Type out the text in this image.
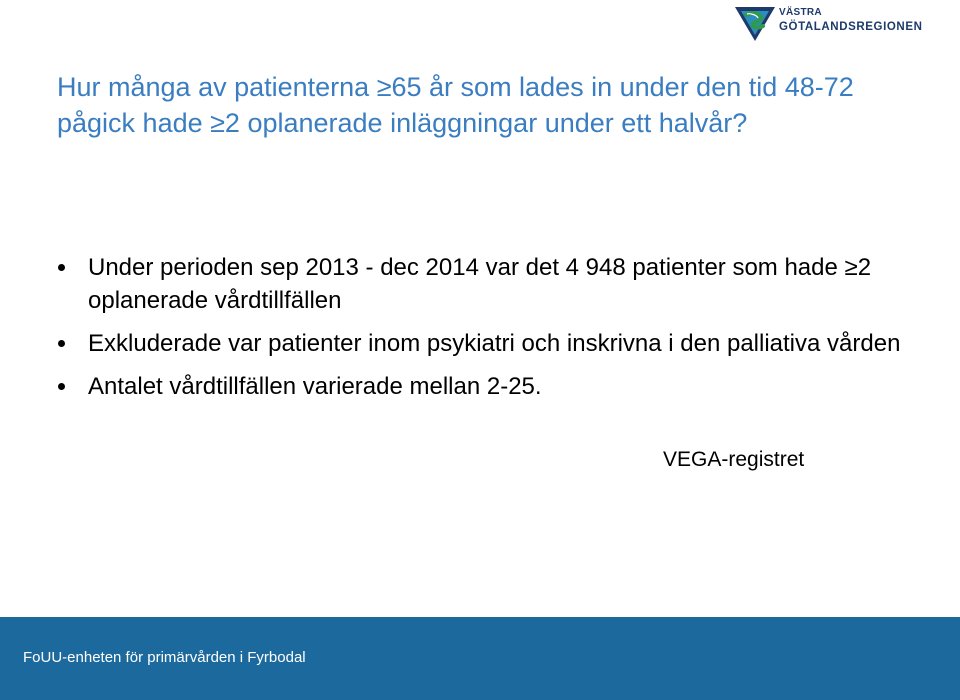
VÄSTRA
GÖTALANDSREGIONEN
Hur många av patienterna ≥65 år som lades in under den tid 48-72 pågick hade ≥2 oplanerade inläggningar under ett halvår?
Under perioden sep 2013 - dec 2014 var det 4 948 patienter som hade ≥2 oplanerade vårdtillfällen
Exkluderade var patienter inom psykiatri och inskrivna i den palliativa vården
Antalet vårdtillfällen varierade mellan 2-25.
VEGA-registret
FoUU-enheten för primärvården i Fyrbodal
